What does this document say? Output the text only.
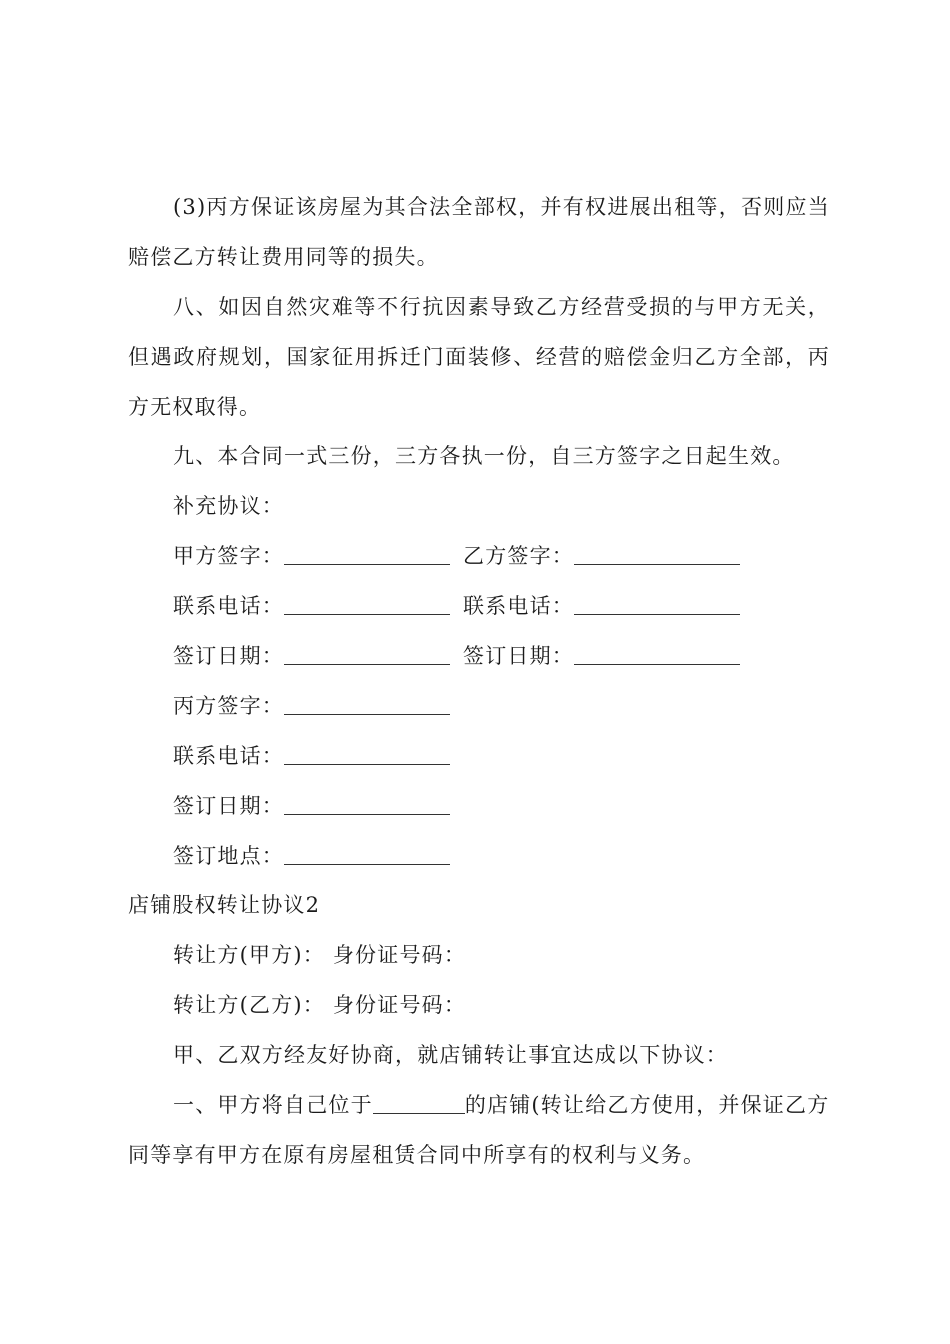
(3)丙方保证该房屋为其合法全部权，并有权进展出租等，否则应当
赔偿乙方转让费用同等的损失。
八、如因自然灾难等不行抗因素导致乙方经营受损的与甲方无关，
但遇政府规划，国家征用拆迁门面装修、经营的赔偿金归乙方全部，丙
方无权取得。
九、本合同一式三份，三方各执一份，自三方签字之日起生效。
补充协议：
甲方签字：	乙方签字：
联系电话：	联系电话：
签订日期：	签订日期：
丙方签字：
联系电话：
签订日期：
签订地点：
店铺股权转让协议2
转让方(甲方)： 身份证号码：
转让方(乙方)： 身份证号码：
甲、乙双方经友好协商，就店铺转让事宜达成以下协议：
一、甲方将自己位于	的店铺(转让给乙方使用，并保证乙方
同等享有甲方在原有房屋租赁合同中所享有的权利与义务。
